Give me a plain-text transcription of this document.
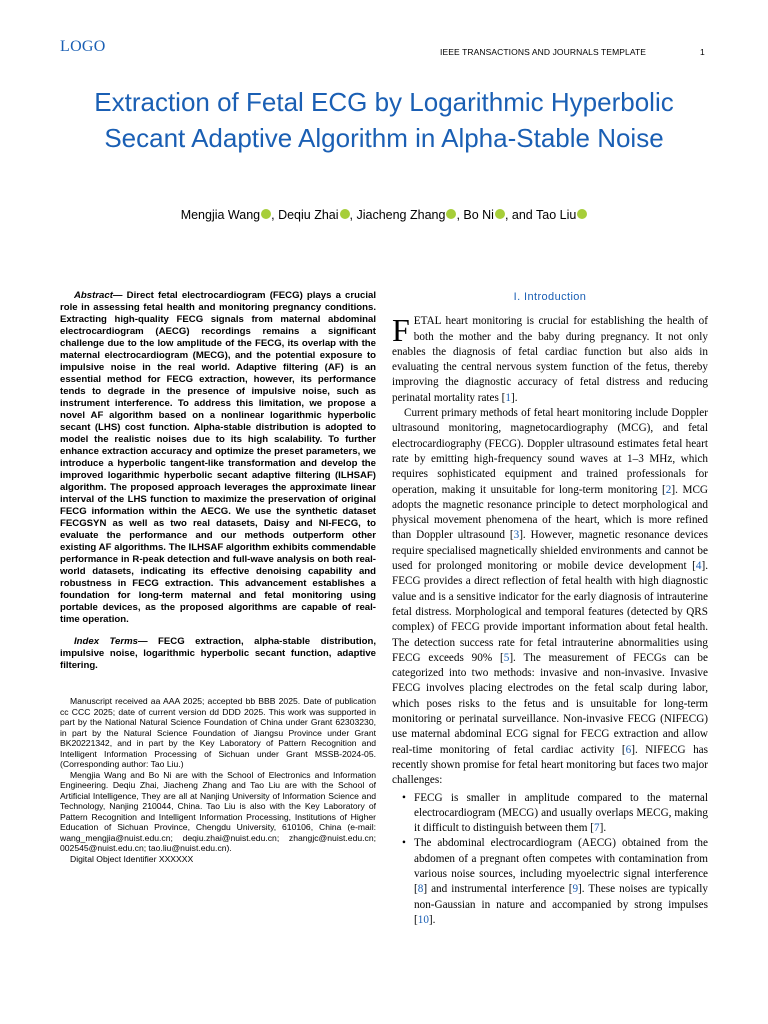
LOGO	IEEE TRANSACTIONS AND JOURNALS TEMPLATE	1
Extraction of Fetal ECG by Logarithmic Hyperbolic Secant Adaptive Algorithm in Alpha-Stable Noise
Mengjia Wang , Deqiu Zhai , Jiacheng Zhang , Bo Ni , and Tao Liu

Abstract— Direct fetal electrocardiogram (FECG) plays a crucial role in assessing fetal health and monitoring pregnancy conditions. Extracting high-quality FECG signals from maternal abdominal electrocardiogram (AECG) recordings remains a significant challenge due to the low amplitude of the FECG, its overlap with the maternal electrocardiogram (MECG), and the potential exposure to impulsive noise in the real world. Adaptive filtering (AF) is an essential method for FECG extraction, however, its performance tends to degrade in the presence of impulsive noise, such as instrument interference. To address this limitation, we propose a novel AF algorithm based on a nonlinear logarithmic hyperbolic secant (LHS) cost function. Alpha-stable distribution is adopted to model the realistic noises due to its high scalability. To further enhance extraction accuracy and optimize the preset parameters, we introduce a hyperbolic tangent-like transformation and develop the improved logarithmic hyperbolic secant adaptive filtering (ILHSAF) algorithm. The proposed approach leverages the approximate linear interval of the LHS function to maximize the preservation of original FECG information within the AECG. We use the synthetic dataset FECGSYN as well as two real datasets, Daisy and NI-FECG, to evaluate the performance and our methods outperform other existing AF algorithms. The ILHSAF algorithm exhibits commendable performance in R-peak detection and full-wave analysis on both real-world datasets, indicating its effective denoising capability and robustness in FECG extraction. This advancement establishes a foundation for long-term maternal and fetal monitoring using portable devices, as the proposed algorithms are capable of real-time operation.

Index Terms— FECG extraction, alpha-stable distribution, impulsive noise, logarithmic hyperbolic secant function, adaptive filtering.

Manuscript received aa AAA 2025; accepted bb BBB 2025. Date of publication cc CCC 2025; date of current version dd DDD 2025. This work was supported in part by the National Natural Science Foundation of China under Grant 62303230, in part by the Natural Science Foundation of Jiangsu Province under Grant BK20221342, and in part by the Key Laboratory of Pattern Recognition and Intelligent Information Processing of Sichuan under Grant MSSB-2024-05. (Corresponding author: Tao Liu.)

Mengjia Wang and Bo Ni are with the School of Electronics and Information Engineering. Deqiu Zhai, Jiacheng Zhang and Tao Liu are with the School of Artificial Intelligence, They are all at Nanjing University of Information Science and Technology, Nanjing 210044, China. Tao Liu is also with the Key Laboratory of Pattern Recognition and Intelligent Information Processing, Institutions of Higher Education of Sichuan Province, Chengdu University, 610106, China (e-mail: wang_mengjia@nuist.edu.cn; deqiu.zhai@nuist.edu.cn; zhangjc@nuist.edu.cn; 002545@nuist.edu.cn; tao.liu@nuist.edu.cn).

Digital Object Identifier XXXXXX

I. Introduction

FETAL heart monitoring is crucial for establishing the health of both the mother and the baby during pregnancy. It not only enables the diagnosis of fetal cardiac function but also aids in evaluating the central nervous system function of the fetus, thereby improving the diagnostic accuracy of fetal distress and reducing perinatal mortality rates [1].

Current primary methods of fetal heart monitoring include Doppler ultrasound monitoring, magnetocardiography (MCG), and fetal electrocardiography (FECG). Doppler ultrasound estimates fetal heart rate by emitting high-frequency sound waves at 1–3 MHz, which requires sophisticated equipment and trained professionals for operation, making it unsuitable for long-term monitoring [2]. MCG adopts the magnetic resonance principle to detect morphological and physical movement phenomena of the heart, which is more refined than Doppler ultrasound [3]. However, magnetic resonance devices require specialised magnetically shielded environments and cannot be used for prolonged monitoring or mobile device development [4]. FECG provides a direct reflection of fetal health with high diagnostic value and is a sensitive indicator for the early diagnosis of intrauterine fetal distress. Morphological and temporal features (detected by QRS complex) of FECG provide important information about fetal health. The detection success rate for fetal intrauterine abnormalities using FECG exceeds 90% [5]. The measurement of FECGs can be categorized into two methods: invasive and non-invasive. Invasive FECG involves placing electrodes on the fetal scalp during labor, which poses risks to the fetus and is unsuitable for long-term monitoring or perinatal surveillance. Non-invasive FECG (NIFECG) use maternal abdominal ECG signal for FECG extraction and allow real-time monitoring of fetal cardiac activity [6]. NIFECG has recently shown promise for fetal heart monitoring but faces two major challenges:

• FECG is smaller in amplitude compared to the maternal electrocardiogram (MECG) and usually overlaps MECG, making it difficult to distinguish between them [7].
• The abdominal electrocardiogram (AECG) obtained from the abdomen of a pregnant often competes with contamination from various noise sources, including myoelectric signal interference [8] and instrumental interference [9]. These noises are typically non-Gaussian in nature and accompanied by strong impulses [10].
